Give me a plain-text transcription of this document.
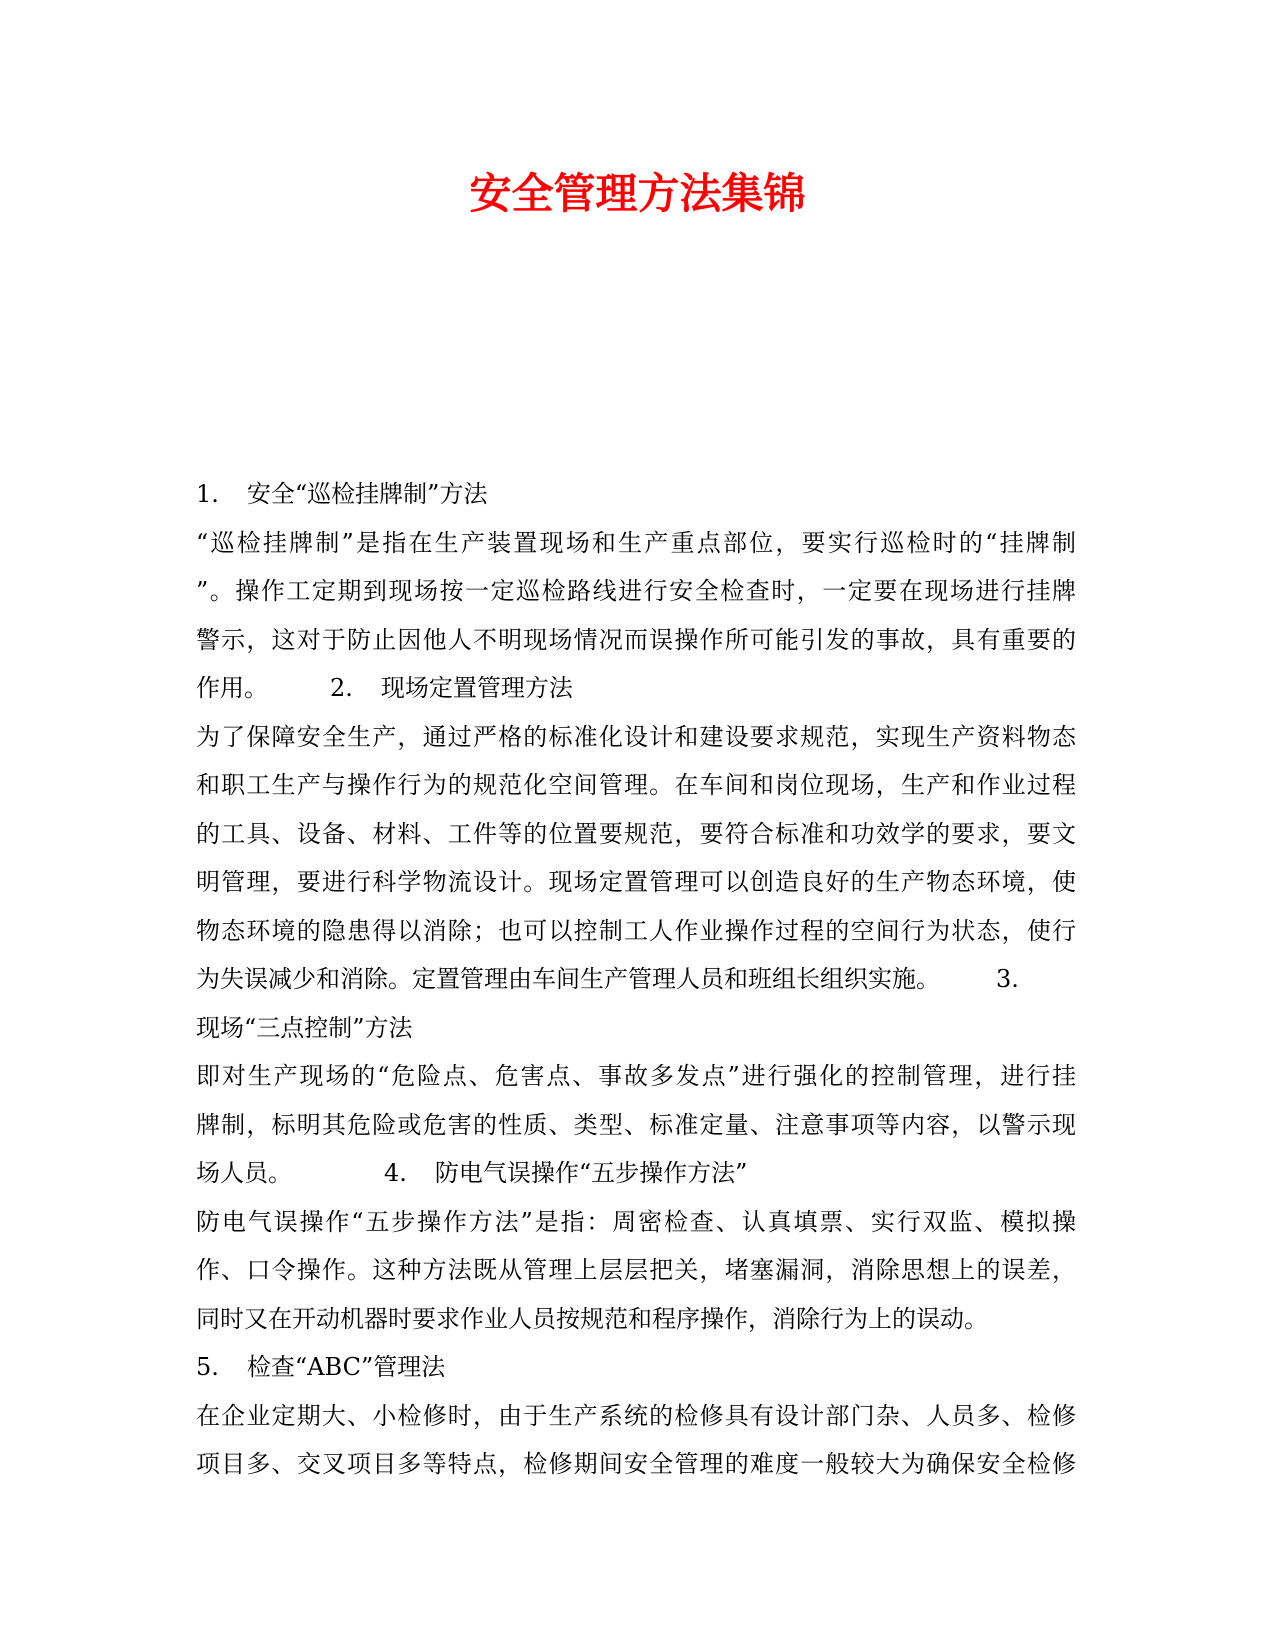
安全管理方法集锦
1. 安全“巡检挂牌制”方法
“巡检挂牌制”是指在生产装置现场和生产重点部位，要实行巡检时的“挂牌制
”。操作工定期到现场按一定巡检路线进行安全检查时，一定要在现场进行挂牌
警示，这对于防止因他人不明现场情况而误操作所可能引发的事故，具有重要的
作用。	2. 现场定置管理方法
为了保障安全生产，通过严格的标准化设计和建设要求规范，实现生产资料物态
和职工生产与操作行为的规范化空间管理。在车间和岗位现场，生产和作业过程
的工具、设备、材料、工件等的位置要规范，要符合标准和功效学的要求，要文
明管理，要进行科学物流设计。现场定置管理可以创造良好的生产物态环境，使
物态环境的隐患得以消除；也可以控制工人作业操作过程的空间行为状态，使行
为失误减少和消除。定置管理由车间生产管理人员和班组长组织实施。 3.
现场“三点控制”方法
即对生产现场的“危险点、危害点、事故多发点”进行强化的控制管理，进行挂
牌制，标明其危险或危害的性质、类型、标准定量、注意事项等内容，以警示现
场人员。	4. 防电气误操作“五步操作方法”
防电气误操作“五步操作方法”是指：周密检查、认真填票、实行双监、模拟操
作、口令操作。这种方法既从管理上层层把关，堵塞漏洞，消除思想上的误差，
同时又在开动机器时要求作业人员按规范和程序操作，消除行为上的误动。
5. 检查“ABC”管理法
在企业定期大、小检修时，由于生产系统的检修具有设计部门杂、人员多、检修
项目多、交叉项目多等特点，检修期间安全管理的难度一般较大为确保安全检修
